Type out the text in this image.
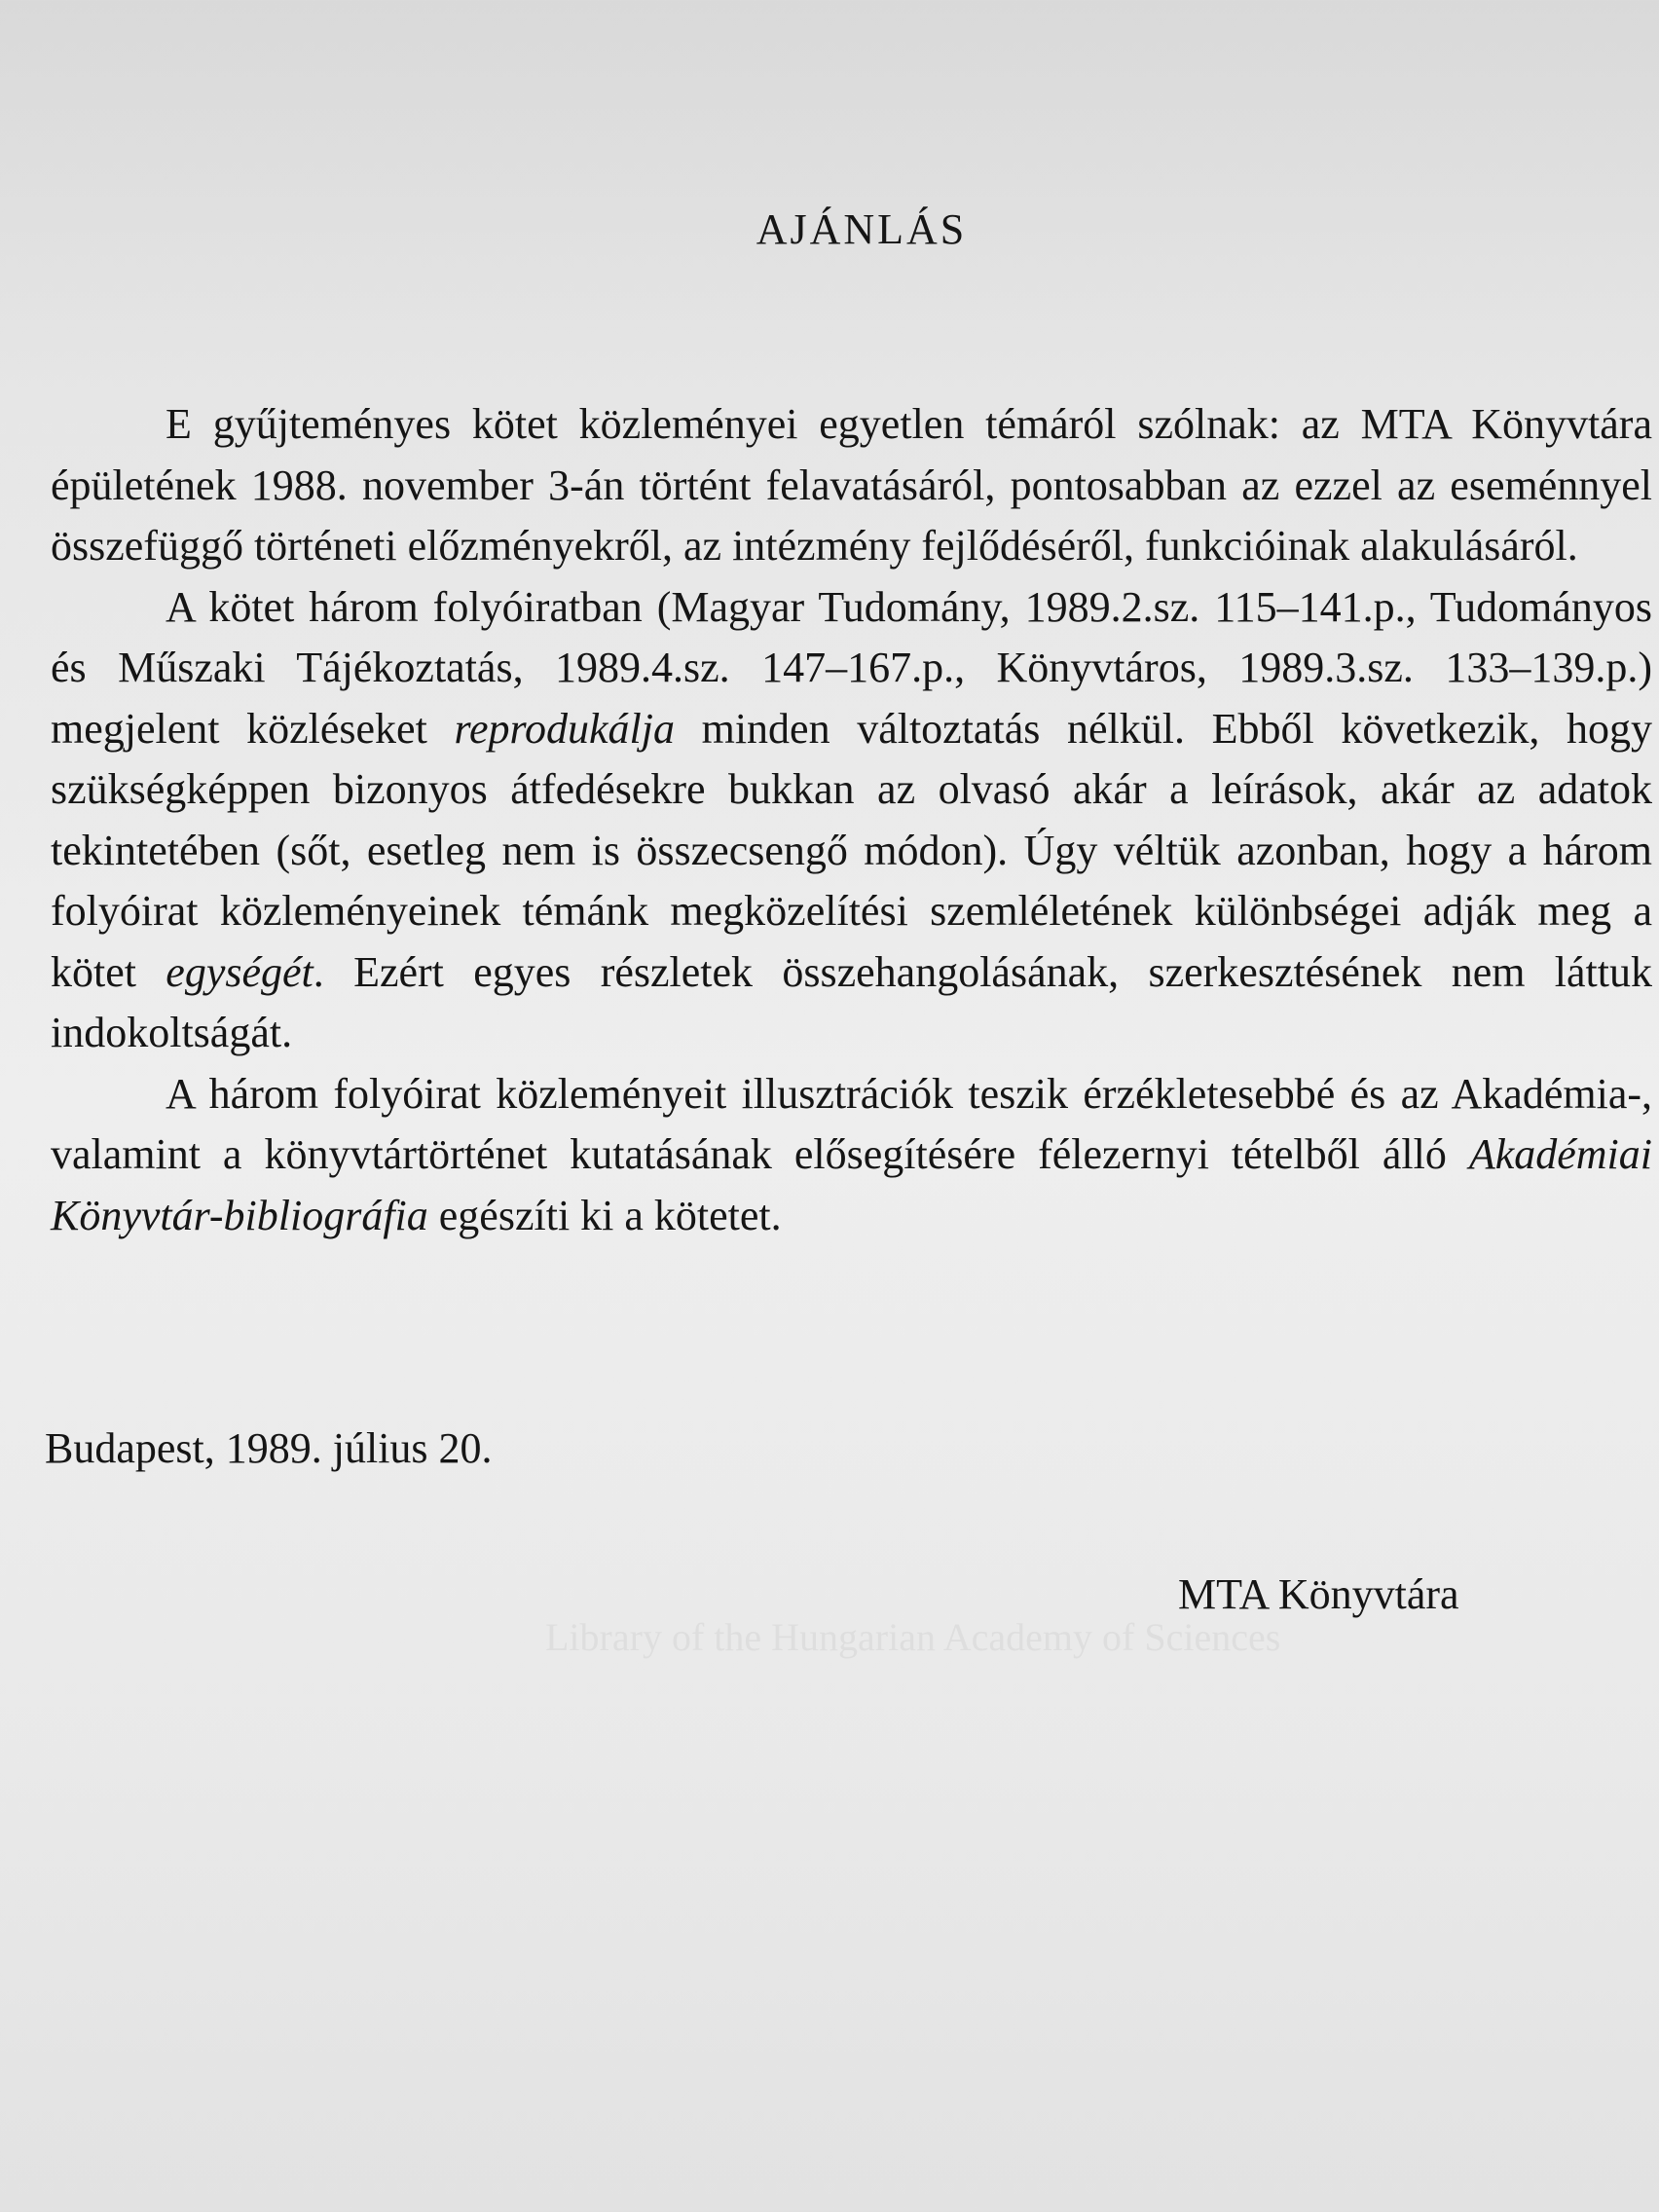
AJÁNLÁS

E gyűjteményes kötet közleményei egyetlen témáról szólnak: az MTA Könyvtára épületének 1988. november 3-án történt felavatásáról, pontosabban az ezzel az eseménnyel összefüggő történeti előzményekről, az intézmény fejlődéséről, funkcióinak alakulásáról.

A kötet három folyóiratban (Magyar Tudomány, 1989.2.sz. 115–141.p., Tudományos és Műszaki Tájékoztatás, 1989.4.sz. 147–167.p., Könyvtáros, 1989.3.sz. 133–139.p.) megjelent közléseket reprodukálja minden változtatás nélkül. Ebből következik, hogy szükségképpen bizonyos átfedésekre bukkan az olvasó akár a leírások, akár az adatok tekintetében (sőt, esetleg nem is összecsengő módon). Úgy véltük azonban, hogy a három folyóirat közleményeinek témánk megközelítési szemléletének különbségei adják meg a kötet egységét. Ezért egyes részletek összehangolásának, szerkesztésének nem láttuk indokoltságát.

A három folyóirat közleményeit illusztrációk teszik érzékletesebbé és az Akadémia-, valamint a könyvtártörténet kutatásának elősegítésére félezernyi tételből álló Akadémiai Könyvtár-bibliográfia egészíti ki a kötetet.

Budapest, 1989. július 20.

MTA Könyvtára

Library of the Hungarian Academy of Sciences
